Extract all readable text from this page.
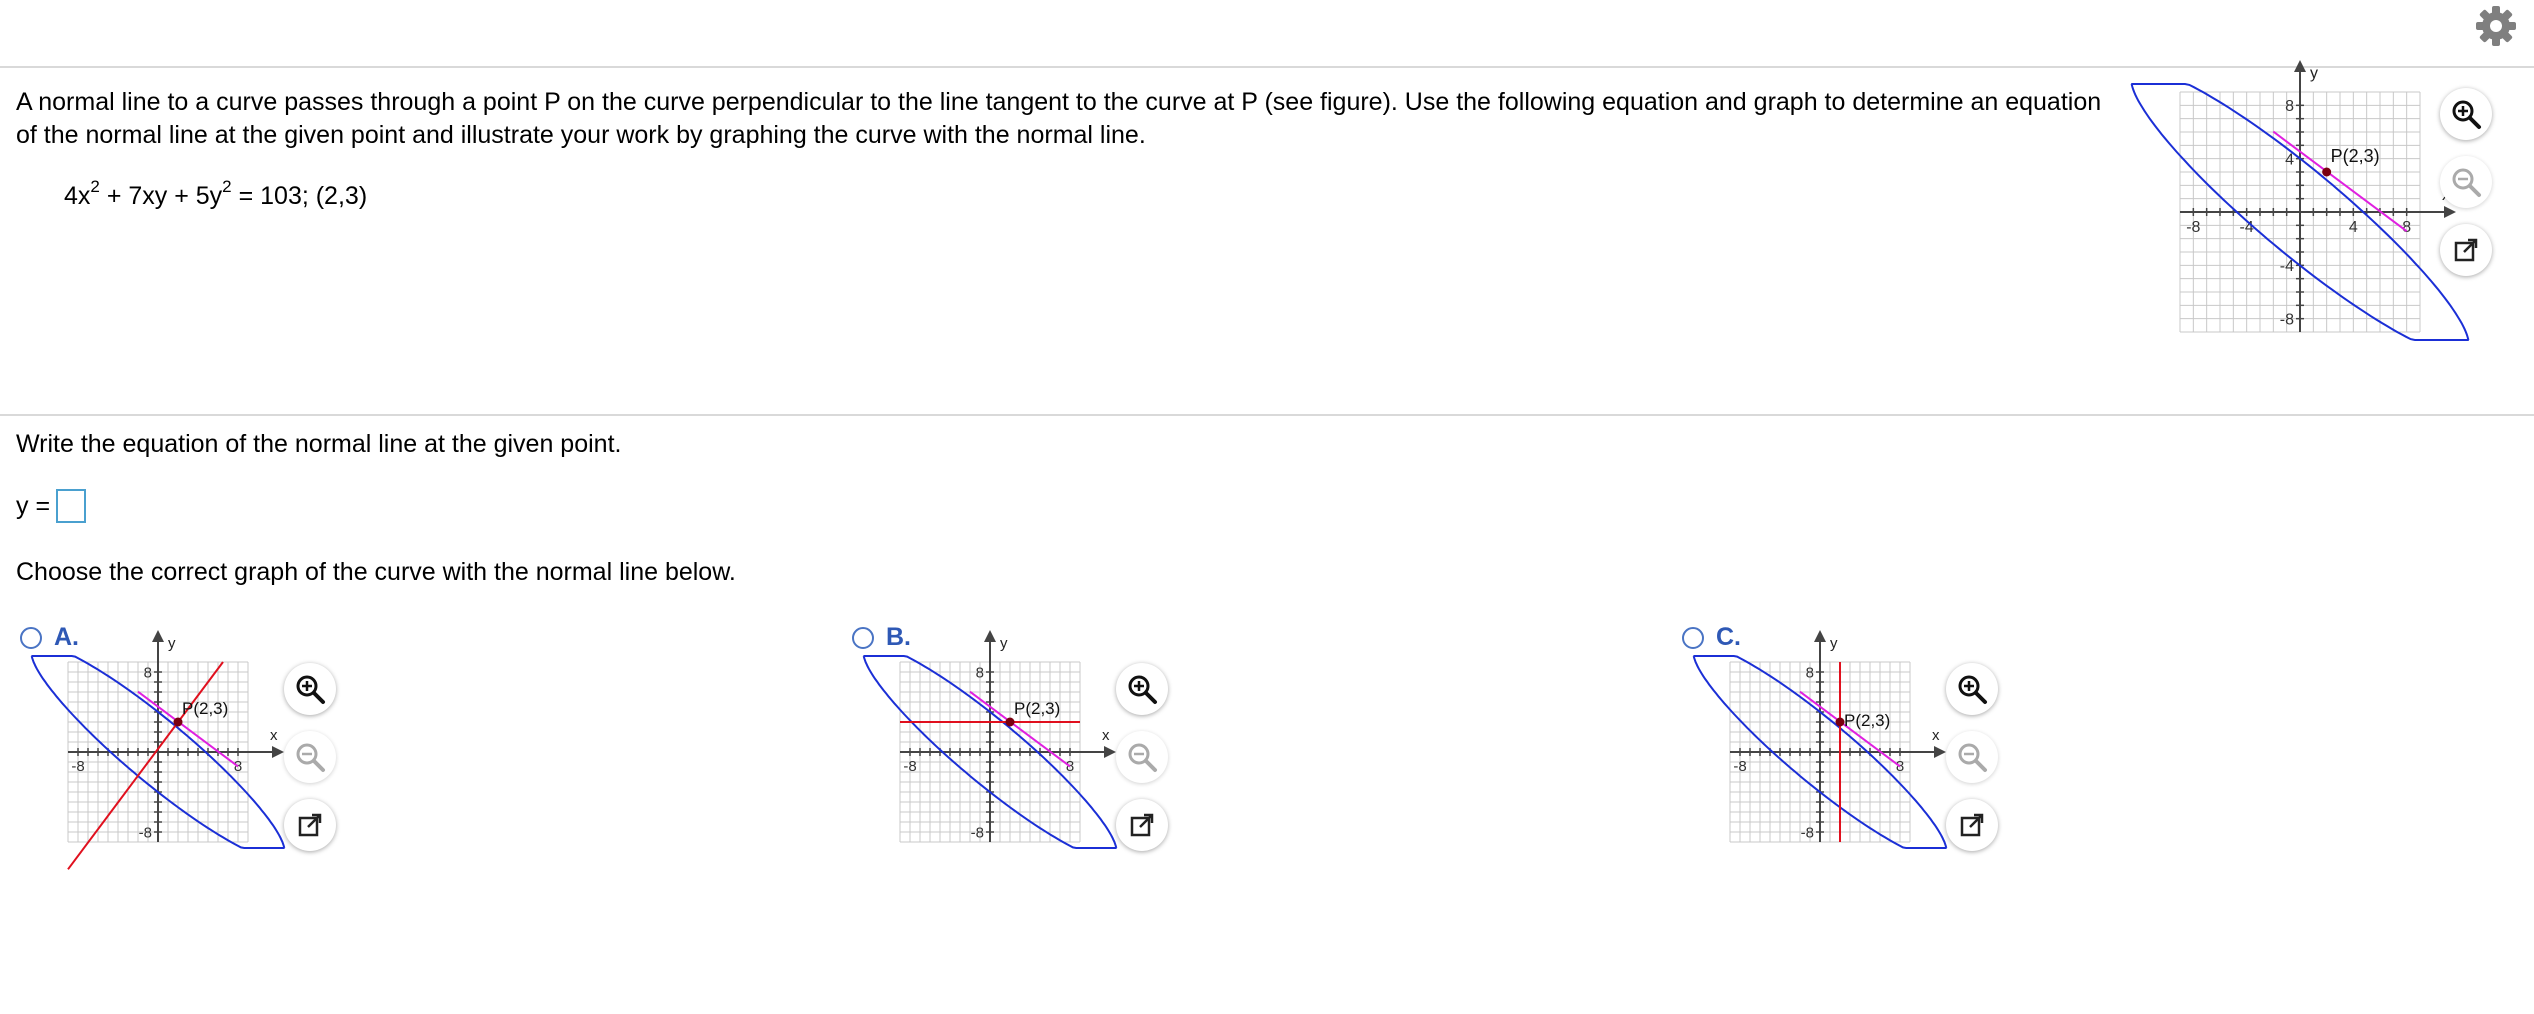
A normal line to a curve passes through a point P on the curve perpendicular to the line tangent to the curve at P (see figure). Use the following equation and graph to determine an equation of the normal line at the given point and illustrate your work by graphing the curve with the normal line.
$4x^2 + 7xy + 5y^2 = 103$; (2,3)
-8 -4	4	8
8
4
-4
-8
y
P(2,3)
Write the equation of the normal line at the given point.
y =
Choose the correct graph of the curve with the normal line below.
A.
-8	8
8
-8
x
y
P(2,3)
B.
-8	8
8
-8
x
y
P(2,3)
C.
-8	8
8
-8
x
y
P(2,3)
